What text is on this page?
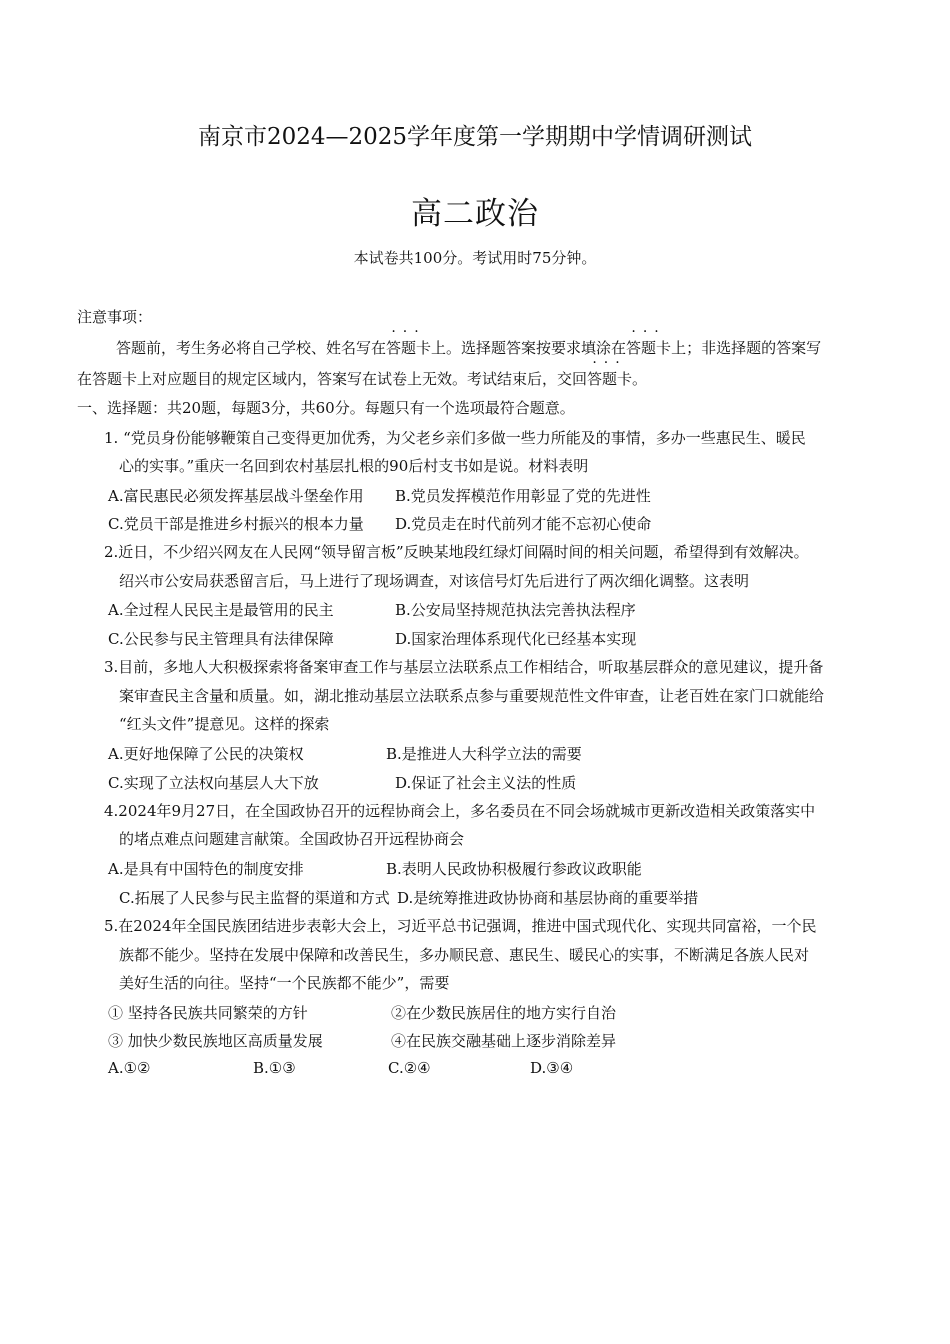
南京市2024—2025学年度第一学期期中学情调研测试
高二政治
本试卷共100分。考试用时75分钟。
注意事项：
答题前，考生务必将自己学校、姓名写在··· 答题卡上。选择题答案按要求填涂在··· 答题卡上；非选择题的答案写
在答题卡上对应题目的规定区域内，答案写在试卷上无效。考试结束后，交回··· 答题卡。
一、选择题：共20题，每题3分，共60分。每题只有一个选项最符合题意。
1. “党员身份能够鞭策自己变得更加优秀，为父老乡亲们多做一些力所能及的事情，多办一些惠民生、暖民
心的实事。”重庆一名回到农村基层扎根的90后村支书如是说。材料表明
A.富民惠民必须发挥基层战斗堡垒作用 B.党员发挥模范作用彰显了党的先进性
C.党员干部是推进乡村振兴的根本力量 D.党员走在时代前列才能不忘初心使命
2.近日，不少绍兴网友在人民网“领导留言板”反映某地段红绿灯间隔时间的相关问题，希望得到有效解决。
绍兴市公安局获悉留言后，马上进行了现场调查，对该信号灯先后进行了两次细化调整。这表明
A.全过程人民民主是最管用的民主	B.公安局坚持规范执法完善执法程序
C.公民参与民主管理具有法律保障	D.国家治理体系现代化已经基本实现
3.目前，多地人大积极探索将备案审查工作与基层立法联系点工作相结合，听取基层群众的意见建议，提升备
案审查民主含量和质量。如，湖北推动基层立法联系点参与重要规范性文件审查，让老百姓在家门口就能给
“红头文件”提意见。这样的探索
A.更好地保障了公民的决策权	B.是推进人大科学立法的需要
C.实现了立法权向基层人大下放	D.保证了社会主义法的性质
4.2024年9月27日，在全国政协召开的远程协商会上，多名委员在不同会场就城市更新改造相关政策落实中
的堵点难点问题建言献策。全国政协召开远程协商会
A.是具有中国特色的制度安排	B.表明人民政协积极履行参政议政职能
C.拓展了人民参与民主监督的渠道和方式 D.是统筹推进政协协商和基层协商的重要举措
5.在2024年全国民族团结进步表彰大会上，习近平总书记强调，推进中国式现代化、实现共同富裕，一个民
族都不能少。坚持在发展中保障和改善民生，多办顺民意、惠民生、暖民心的实事，不断满足各族人民对
美好生活的向往。坚持“一个民族都不能少”，需要
① 坚持各民族共同繁荣的方针	②在少数民族居住的地方实行自治
③ 加快少数民族地区高质量发展	④在民族交融基础上逐步消除差异
A.①②	B.①③	C.②④	D.③④
